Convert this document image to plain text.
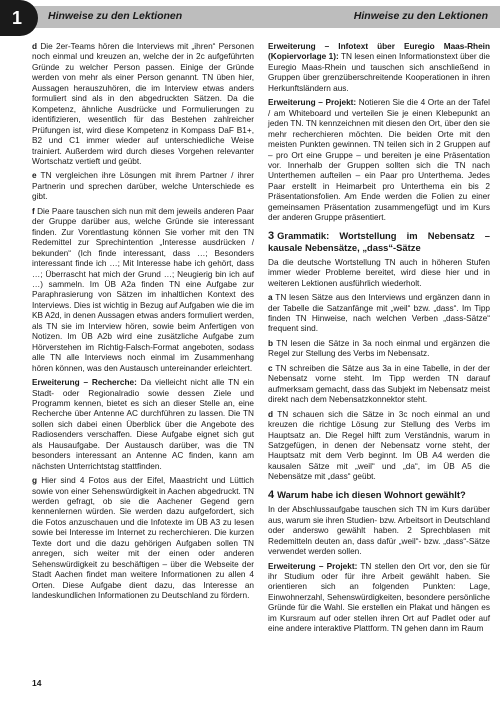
1	Hinweise zu den Lektionen	Hinweise zu den Lektionen

d Die 2er-Teams hören die Interviews mit „ihren“ Personen noch einmal und kreuzen an, welche der in 2c aufgeführten Gründe zu welcher Person passen. Einige der Gründe werden von mehr als einer Person genannt. TN üben hier, Aussagen herauszuhören, die im Interview etwas anders formuliert sind als in den abgedruckten Sätzen. Da die Kompetenz, ähnliche Ausdrücke und Formulierungen zu identifizieren, wesentlich für das Bestehen zahlreicher Prüfungen ist, wird diese Kompetenz in Kompass DaF B1+, B2 und C1 immer wieder auf unterschiedliche Weise trainiert. Außerdem wird durch dieses Vorgehen relevanter Wortschatz vertieft und geübt.

e TN vergleichen ihre Lösungen mit ihrem Partner / ihrer Partnerin und sprechen darüber, welche Unterschiede es gibt.

f Die Paare tauschen sich nun mit dem jeweils anderen Paar der Gruppe darüber aus, welche Gründe sie interessant finden. Zur Vorentlastung können Sie vorher mit den TN Redemittel zur Sprechintention „Interesse ausdrücken / bekunden“ (Ich finde interessant, dass …; Besonders interessant finde ich …; Mit Interesse habe ich gehört, dass …; Überrascht hat mich der Grund …; Neugierig bin ich auf …) sammeln. Im ÜB A2a finden TN eine Aufgabe zur Paraphrasierung von Sätzen im inhaltlichen Kontext des Interviews. Dies ist wichtig in Bezug auf Aufgaben wie die im KB A2d, in denen Aussagen etwas anders formuliert werden, als TN sie im Interview hören, sowie beim Anfertigen von Notizen. Im ÜB A2b wird eine zusätzliche Aufgabe zum Hörverstehen im Richtig-Falsch-Format angeboten, sodass alle TN alle Interviews noch einmal im Zusammenhang hören können, was den Austausch untereinander erleichtert.

Erweiterung – Recherche: Da vielleicht nicht alle TN ein Stadt- oder Regionalradio sowie dessen Ziele und Programm kennen, bietet es sich an dieser Stelle an, eine Recherche über Antenne AC durchführen zu lassen. Die TN sollen sich dabei einen Überblick über die Angebote des Radiosenders verschaffen. Diese Aufgabe eignet sich gut als Hausaufgabe. Der Austausch darüber, was die TN besonders interessant an Antenne AC finden, kann am nächsten Unterrichtstag stattfinden.

g Hier sind 4 Fotos aus der Eifel, Maastricht und Lüttich sowie von einer Sehenswürdigkeit in Aachen abgedruckt. TN werden gefragt, ob sie die Aachener Gegend gern kennenlernen würden. Sie werden dazu aufgefordert, sich die Fotos anzuschauen und die Infotexte im ÜB A3 zu lesen sowie bei Interesse im Internet zu recherchieren. Die kurzen Texte dort und die dazu gehörigen Aufgaben sollen TN anregen, sich weiter mit der einen oder anderen Sehenswürdigkeit zu beschäftigen – über die Webseite der Stadt Aachen findet man weitere Informationen zu allen 4 Orten. Diese Aufgabe dient dazu, das Interesse an landeskundlichen Informationen zu Deutschland zu fördern.

Erweiterung – Infotext über Euregio Maas-Rhein (Kopiervorlage 1): TN lesen einen Informationstext über die Euregio Maas-Rhein und tauschen sich anschließend in Gruppen über grenzüberschreitende Kooperationen in ihren Herkunftsländern aus.

Erweiterung – Projekt: Notieren Sie die 4 Orte an der Tafel / am Whiteboard und verteilen Sie je einen Klebepunkt an jeden TN. TN kennzeichnen mit diesen den Ort, über den sie mehr recherchieren möchten. Die beiden Orte mit den meisten Punkten gewinnen. TN teilen sich in 2 Gruppen auf – pro Ort eine Gruppe – und bereiten je eine Präsentation vor. Innerhalb der Gruppen sollten sich die TN nach Unterthemen aufteilen – ein Paar pro Unterthema. Jedes Paar erstellt in Heimarbeit pro Unterthema ein bis 2 Präsentationsfolien. Am Ende werden die Folien zu einer gemeinsamen Präsentation zusammengefügt und im Kurs der anderen Gruppe präsentiert.

3 Grammatik: Wortstellung im Nebensatz – kausale Nebensätze, „dass“-Sätze

Da die deutsche Wortstellung TN auch in höheren Stufen immer wieder Probleme bereitet, wird diese hier und in weiteren Lektionen ausführlich wiederholt.

a TN lesen Sätze aus den Interviews und ergänzen dann in der Tabelle die Satzanfänge mit „weil“ bzw. „dass“. Im Tipp finden TN Hinweise, nach welchen Verben „dass-Sätze“ frequent sind.

b TN lesen die Sätze in 3a noch einmal und ergänzen die Regel zur Stellung des Verbs im Nebensatz.

c TN schreiben die Sätze aus 3a in eine Tabelle, in der der Nebensatz vorne steht. Im Tipp werden TN darauf aufmerksam gemacht, dass das Subjekt im Nebensatz meist direkt nach dem Nebensatzkonnektor steht.

d TN schauen sich die Sätze in 3c noch einmal an und kreuzen die richtige Lösung zur Stellung des Verbs im Hauptsatz an. Die Regel hilft zum Verständnis, warum in Satzgefügen, in denen der Nebensatz vorne steht, der Hauptsatz mit dem Verb beginnt. Im ÜB A4 werden die kausalen Sätze mit „weil“ und „da“, im ÜB A5 die Nebensätze mit „dass“ geübt.

4 Warum habe ich diesen Wohnort gewählt?

In der Abschlussaufgabe tauschen sich TN im Kurs darüber aus, warum sie ihren Studien- bzw. Arbeitsort in Deutschland oder anderswo gewählt haben. 2 Sprechblasen mit Redemitteln deuten an, dass dafür „weil“- bzw. „dass“-Sätze verwendet werden sollen.

Erweiterung – Projekt: TN stellen den Ort vor, den sie für ihr Studium oder für ihre Arbeit gewählt haben. Sie orientieren sich an folgenden Punkten: Lage, Einwohnerzahl, Sehenswürdigkeiten, besondere persönliche Gründe für die Wahl. Sie erstellen ein Plakat und hängen es im Kursraum auf oder stellen ihren Ort auf Padlet oder auf eine andere interaktive Plattform. TN gehen dann im Raum

14
